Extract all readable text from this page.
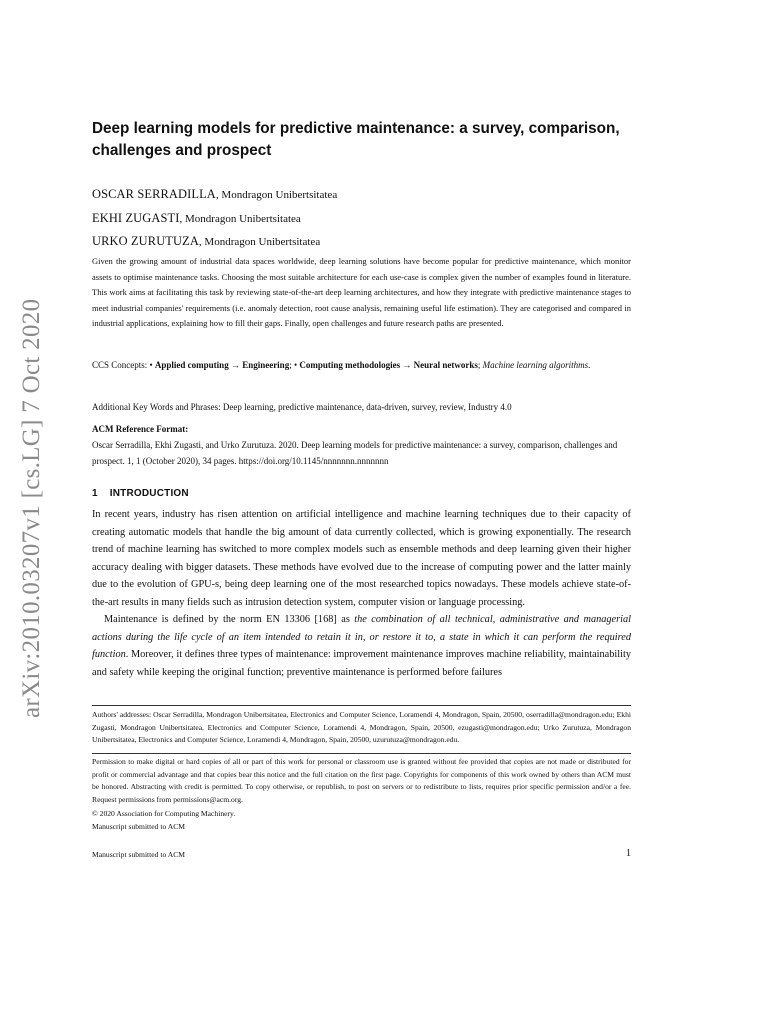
arXiv:2010.03207v1 [cs.LG] 7 Oct 2020
Deep learning models for predictive maintenance: a survey, comparison, challenges and prospect
OSCAR SERRADILLA, Mondragon Unibertsitatea
EKHI ZUGASTI, Mondragon Unibertsitatea
URKO ZURUTUZA, Mondragon Unibertsitatea

Given the growing amount of industrial data spaces worldwide, deep learning solutions have become popular for predictive maintenance, which monitor assets to optimise maintenance tasks. Choosing the most suitable architecture for each use-case is complex given the number of examples found in literature. This work aims at facilitating this task by reviewing state-of-the-art deep learning architectures, and how they integrate with predictive maintenance stages to meet industrial companies' requirements (i.e. anomaly detection, root cause analysis, remaining useful life estimation). They are categorised and compared in industrial applications, explaining how to fill their gaps. Finally, open challenges and future research paths are presented.

CCS Concepts: • Applied computing → Engineering; • Computing methodologies → Neural networks; Machine learning algorithms.

Additional Key Words and Phrases: Deep learning, predictive maintenance, data-driven, survey, review, Industry 4.0

ACM Reference Format:

Oscar Serradilla, Ekhi Zugasti, and Urko Zurutuza. 2020. Deep learning models for predictive maintenance: a survey, comparison, challenges and prospect. 1, 1 (October 2020), 34 pages. https://doi.org/10.1145/nnnnnnn.nnnnnnn

1 INTRODUCTION

In recent years, industry has risen attention on artificial intelligence and machine learning techniques due to their capacity of creating automatic models that handle the big amount of data currently collected, which is growing exponentially. The research trend of machine learning has switched to more complex models such as ensemble methods and deep learning given their higher accuracy dealing with bigger datasets. These methods have evolved due to the increase of computing power and the latter mainly due to the evolution of GPU-s, being deep learning one of the most researched topics nowadays. These models achieve state-of-the-art results in many fields such as intrusion detection system, computer vision or language processing.

Maintenance is defined by the norm EN 13306 [168] as the combination of all technical, administrative and managerial actions during the life cycle of an item intended to retain it in, or restore it to, a state in which it can perform the required function. Moreover, it defines three types of maintenance: improvement maintenance improves machine reliability, maintainability and safety while keeping the original function; preventive maintenance is performed before failures

Authors' addresses: Oscar Serradilla, Mondragon Unibertsitatea, Electronics and Computer Science, Loramendi 4, Mondragon, Spain, 20500, oserradilla@mondragon.edu; Ekhi Zugasti, Mondragon Unibertsitatea, Electronics and Computer Science, Loramendi 4, Mondragon, Spain, 20500, ezugasti@mondragon.edu; Urko Zurutuza, Mondragon Unibertsitatea, Electronics and Computer Science, Loramendi 4, Mondragon, Spain, 20500, uzurutuza@mondragon.edu.

Permission to make digital or hard copies of all or part of this work for personal or classroom use is granted without fee provided that copies are not made or distributed for profit or commercial advantage and that copies bear this notice and the full citation on the first page. Copyrights for components of this work owned by others than ACM must be honored. Abstracting with credit is permitted. To copy otherwise, or republish, to post on servers or to redistribute to lists, requires prior specific permission and/or a fee. Request permissions from permissions@acm.org.

© 2020 Association for Computing Machinery.

Manuscript submitted to ACM

Manuscript submitted to ACM	1
